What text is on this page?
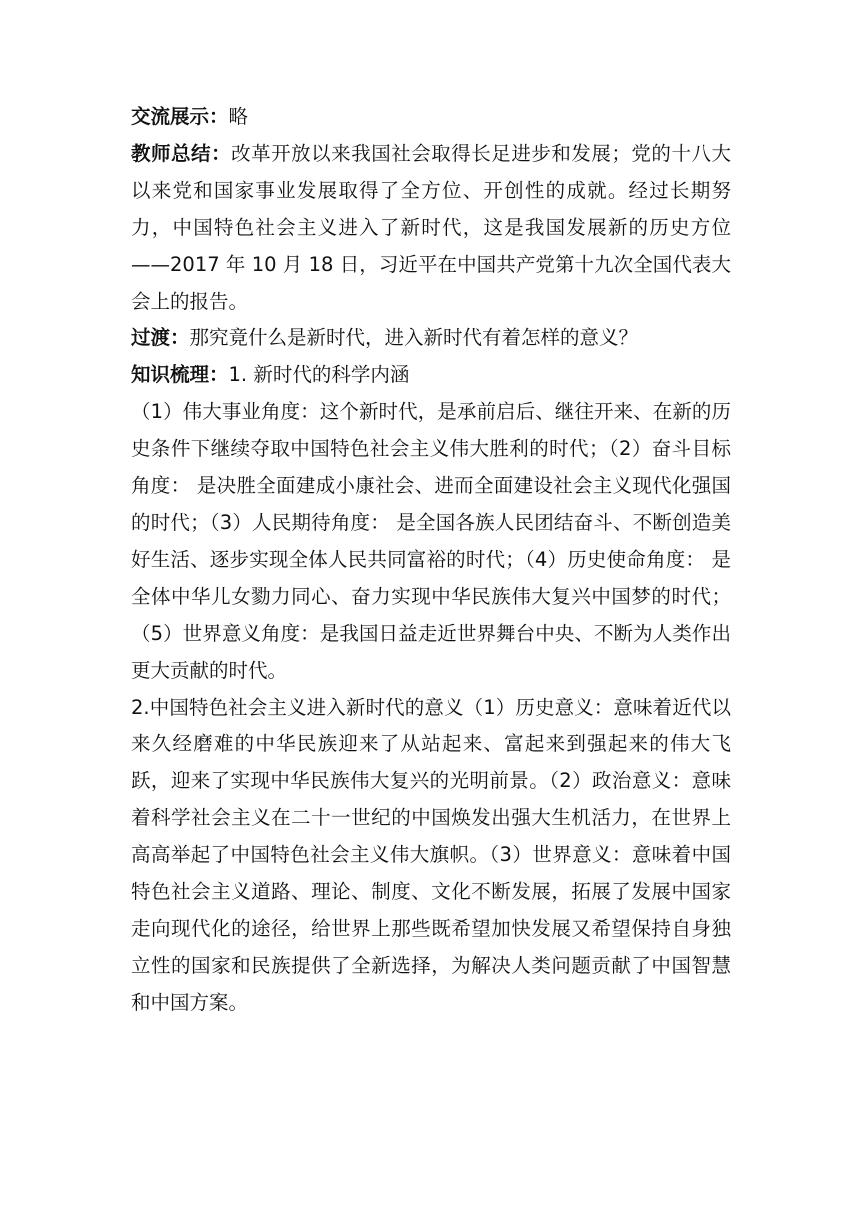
交流展示：略

教师总结：改革开放以来我国社会取得长足进步和发展；党的十八大以来党和国家事业发展取得了全方位、开创性的成就。经过长期努力，中国特色社会主义进入了新时代，这是我国发展新的历史方位 ——2017 年 10 月 18 日，习近平在中国共产党第十九次全国代表大会上的报告。

过渡：那究竟什么是新时代，进入新时代有着怎样的意义？

知识梳理：1. 新时代的科学内涵

（1）伟大事业角度：这个新时代，是承前启后、继往开来、在新的历史条件下继续夺取中国特色社会主义伟大胜利的时代；（2）奋斗目标角度： 是决胜全面建成小康社会、进而全面建设社会主义现代化强国的时代；（3）人民期待角度： 是全国各族人民团结奋斗、不断创造美好生活、逐步实现全体人民共同富裕的时代；（4）历史使命角度： 是全体中华儿女勠力同心、奋力实现中华民族伟大复兴中国梦的时代；（5）世界意义角度：是我国日益走近世界舞台中央、不断为人类作出更大贡献的时代。

2.中国特色社会主义进入新时代的意义（1）历史意义：意味着近代以来久经磨难的中华民族迎来了从站起来、富起来到强起来的伟大飞跃，迎来了实现中华民族伟大复兴的光明前景。（2）政治意义：意味着科学社会主义在二十一世纪的中国焕发出强大生机活力，在世界上高高举起了中国特色社会主义伟大旗帜。（3）世界意义：意味着中国特色社会主义道路、理论、制度、文化不断发展，拓展了发展中国家走向现代化的途径，给世界上那些既希望加快发展又希望保持自身独立性的国家和民族提供了全新选择，为解决人类问题贡献了中国智慧和中国方案。
